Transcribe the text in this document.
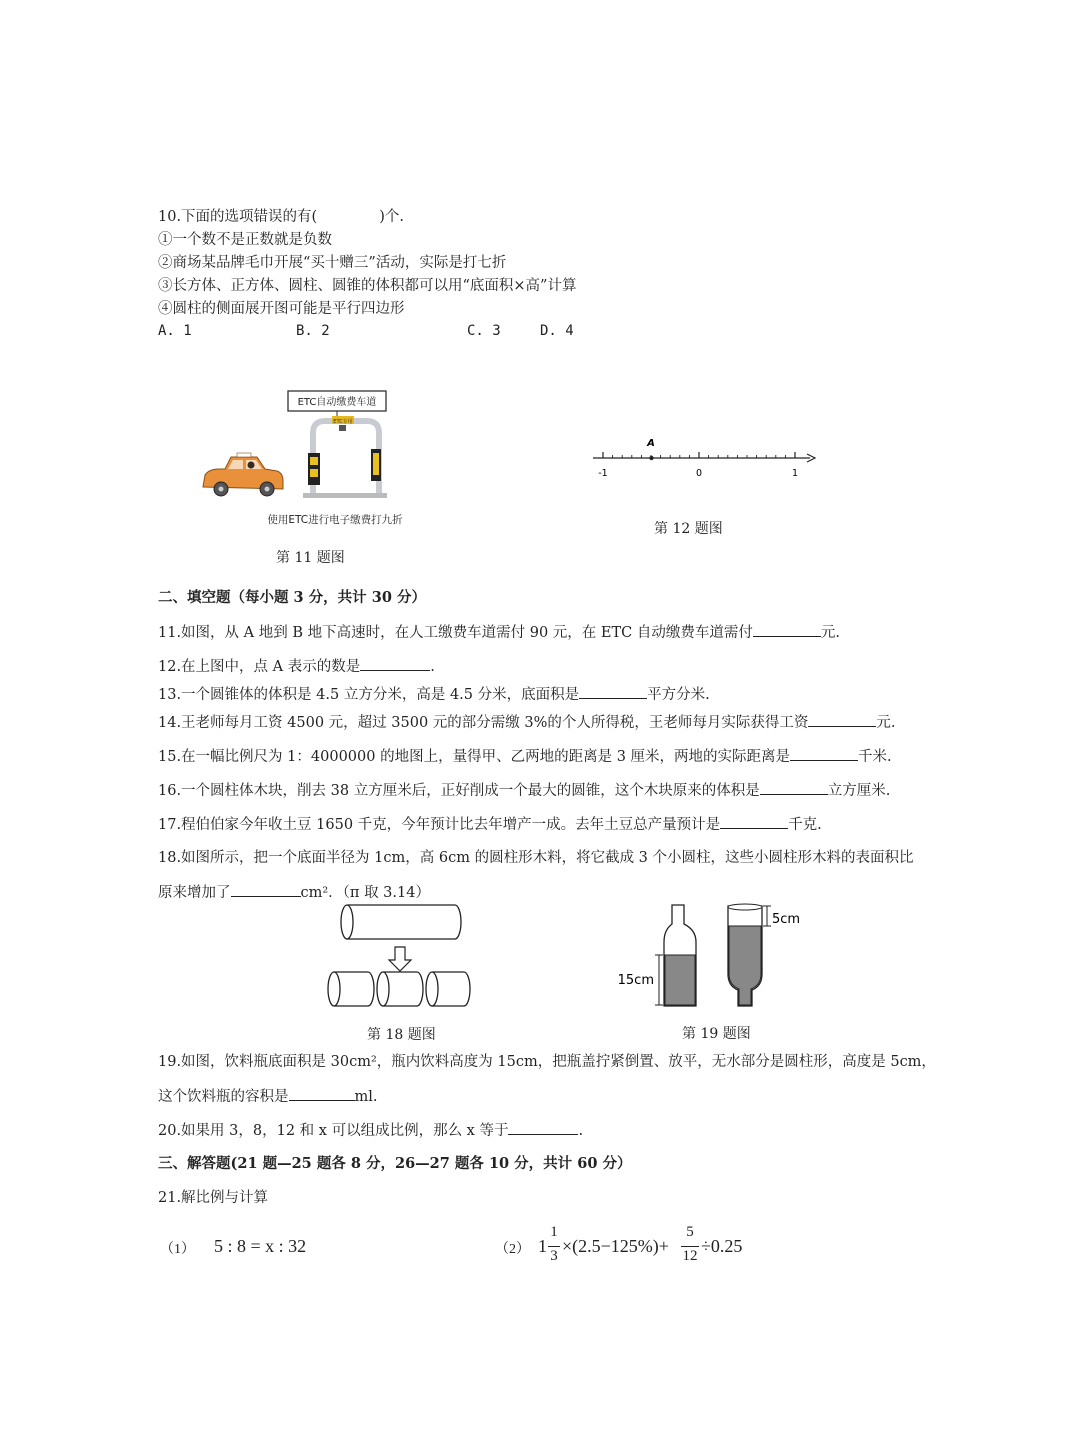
10.下面的选项错误的有(	)个.
①一个数不是正数就是负数
②商场某品牌毛巾开展“买十赠三”活动，实际是打七折
③长方体、正方体、圆柱、圆锥的体积都可以用“底面积×高”计算
④圆柱的侧面展开图可能是平行四边形
A. 1	B. 2	C. 3	D. 4
ETC自动缴费车道
ETC专用
使用ETC进行电子缴费打九折
第 11 题图
A
-1	0	1
第 12 题图
二、填空题（每小题 3 分，共计 30 分）
11.如图，从 A 地到 B 地下高速时，在人工缴费车道需付 90 元，在 ETC 自动缴费车道需付	元.
12.在上图中，点 A 表示的数是	.
13.一个圆锥体的体积是 4.5 立方分米，高是 4.5 分米，底面积是	平方分米.
14.王老师每月工资 4500 元，超过 3500 元的部分需缴 3%的个人所得税，王老师每月实际获得工资	元.
15.在一幅比例尺为 1：4000000 的地图上，量得甲、乙两地的距离是 3 厘米，两地的实际距离是	千米.
16.一个圆柱体木块，削去 38 立方厘米后，正好削成一个最大的圆锥，这个木块原来的体积是	立方厘米.
17.程伯伯家今年收土豆 1650 千克，今年预计比去年增产一成。去年土豆总产量预计是	千克.
18.如图所示，把一个底面半径为 1cm，高 6cm 的圆柱形木料，将它截成 3 个小圆柱，这些小圆柱形木料的表面积比
原来增加了	cm²．（π 取 3.14）
第 18 题图
15cm
5cm
第 19 题图
19.如图，饮料瓶底面积是 30cm²，瓶内饮料高度为 15cm，把瓶盖拧紧倒置、放平，无水部分是圆柱形，高度是 5cm，
这个饮料瓶的容积是	ml.
20.如果用 3，8，12 和 x 可以组成比例，那么 x 等于	.
三、解答题(21 题—25 题各 8 分，26—27 题各 10 分，共计 60 分）
21.解比例与计算
（1） 5 : 8 = x : 32	（2） 1
1
3 ×(2.5−125%)+
5
12 ÷0.25
